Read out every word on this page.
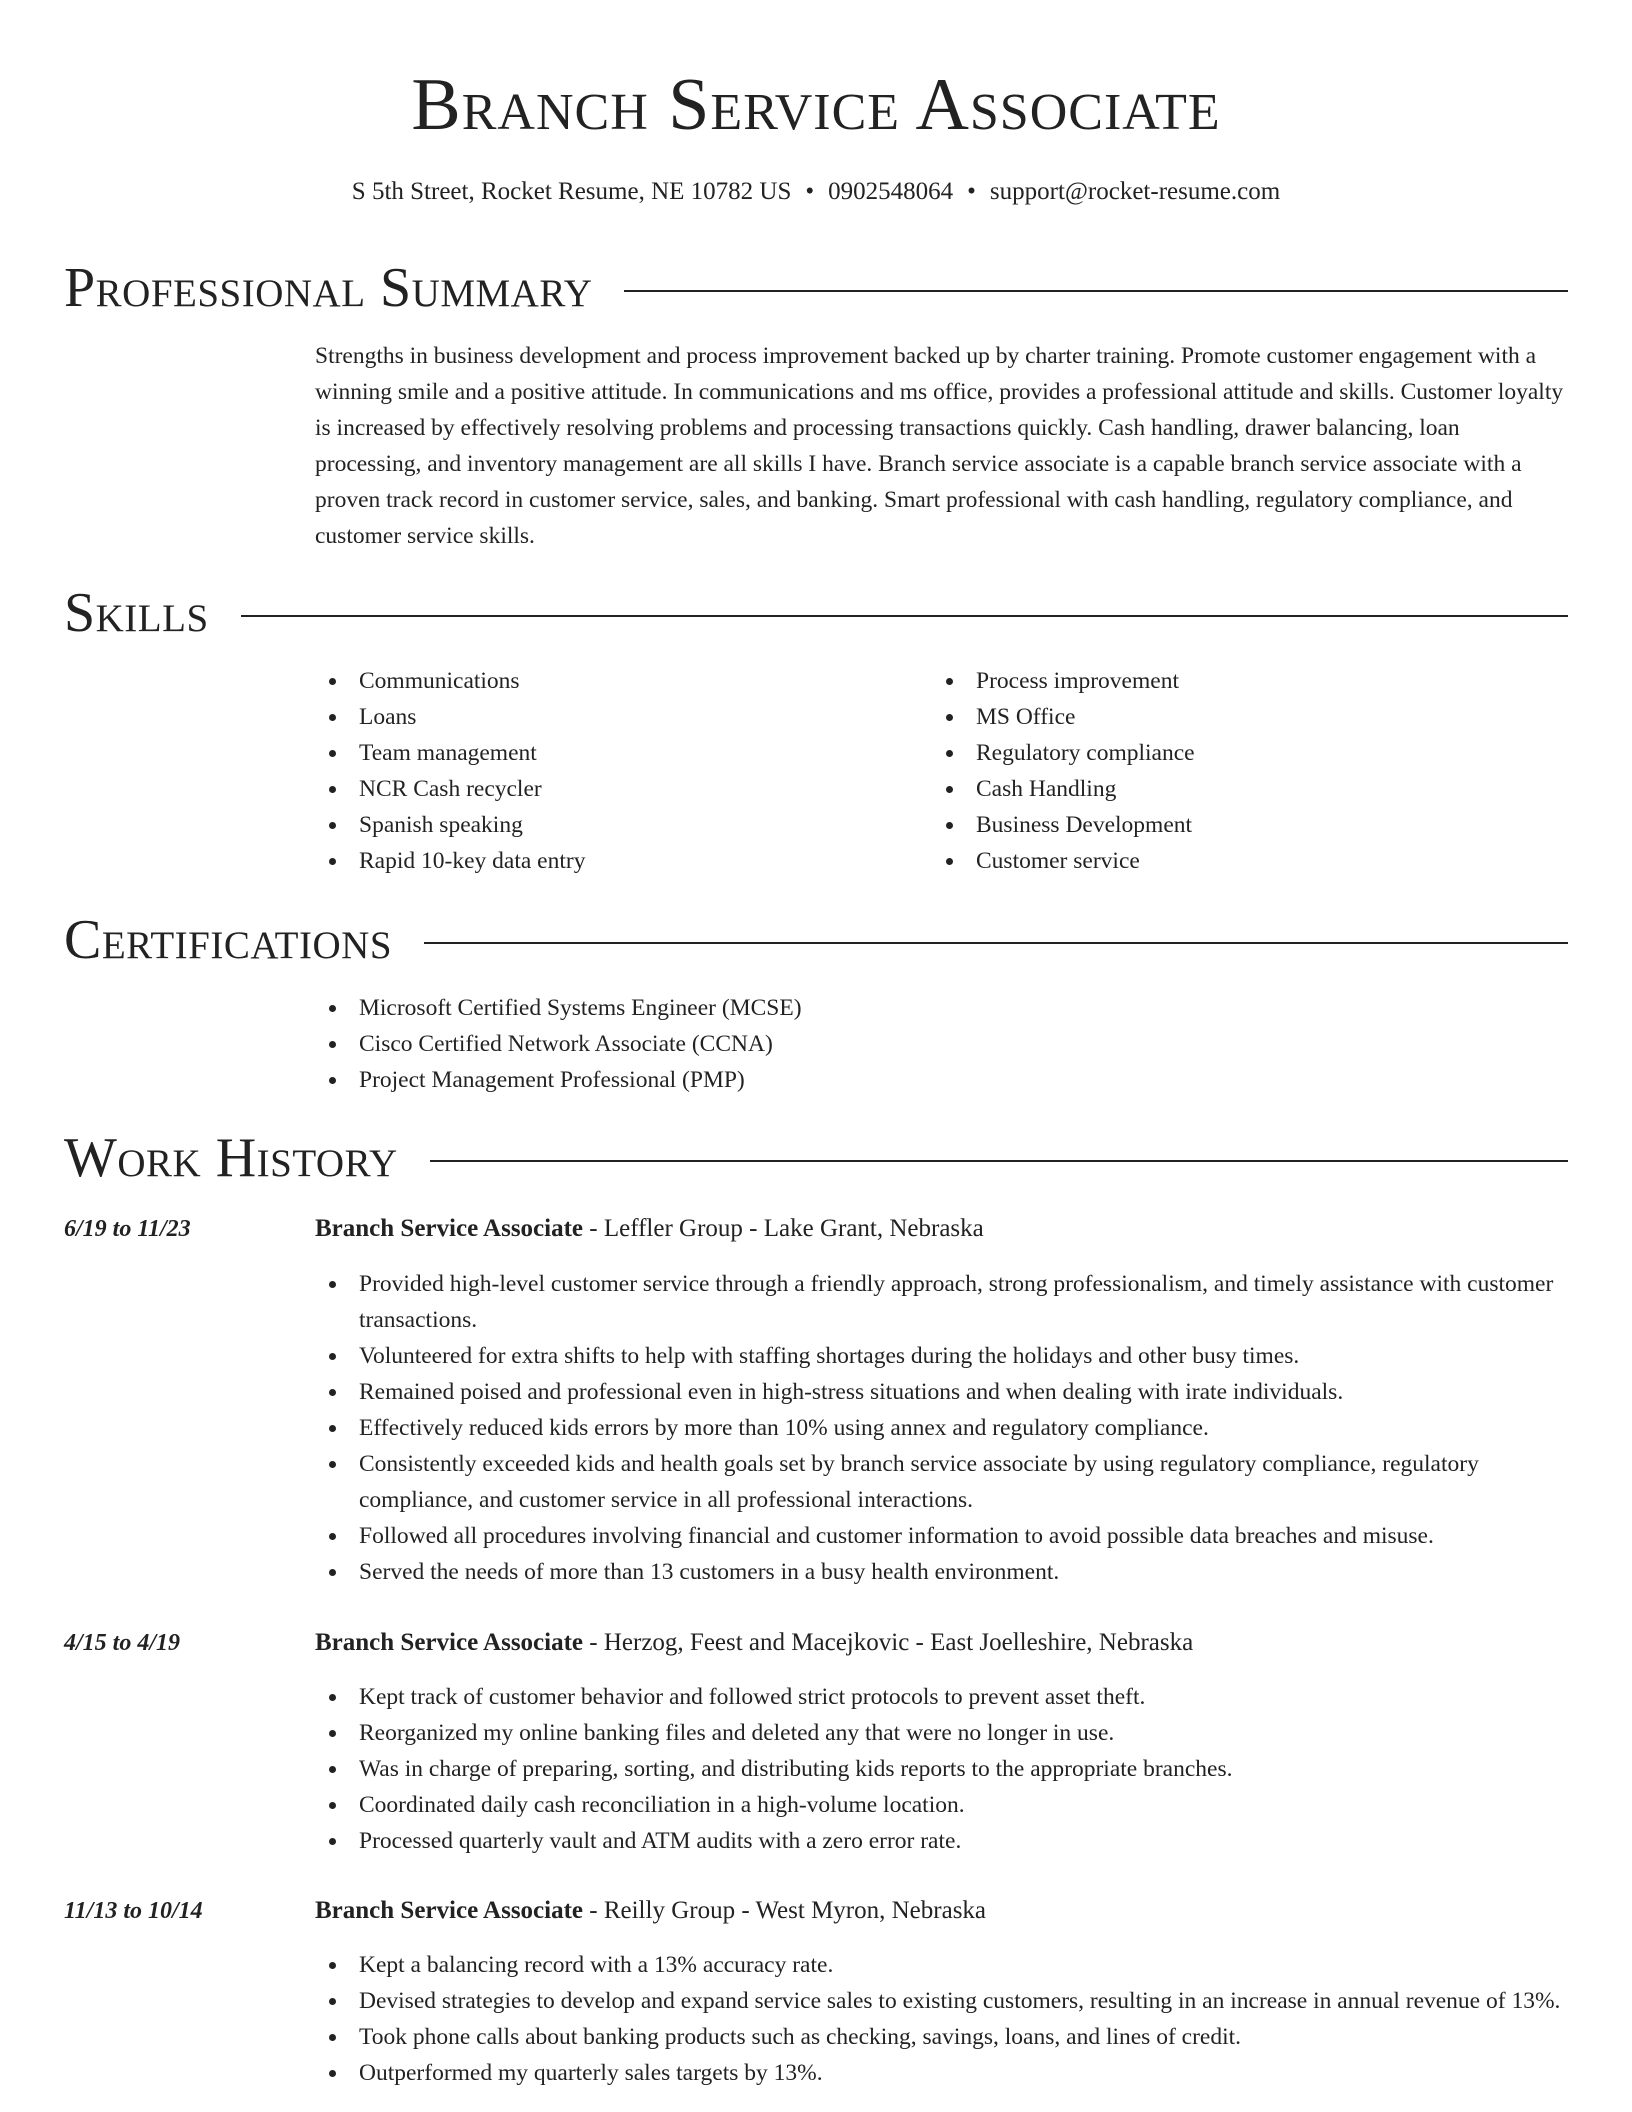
Branch Service Associate
S 5th Street, Rocket Resume, NE 10782 US • 0902548064 • support@rocket-resume.com
Professional Summary

Strengths in business development and process improvement backed up by charter training. Promote customer engagement with a winning smile and a positive attitude. In communications and ms office, provides a professional attitude and skills. Customer loyalty is increased by effectively resolving problems and processing transactions quickly. Cash handling, drawer balancing, loan processing, and inventory management are all skills I have. Branch service associate is a capable branch service associate with a proven track record in customer service, sales, and banking. Smart professional with cash handling, regulatory compliance, and customer service skills.

Skills
Communications
Loans
Team management
NCR Cash recycler
Spanish speaking
Rapid 10-key data entry
Process improvement
MS Office
Regulatory compliance
Cash Handling
Business Development
Customer service
Certifications
Microsoft Certified Systems Engineer (MCSE)
Cisco Certified Network Associate (CCNA)
Project Management Professional (PMP)
Work History
6/19 to 11/23	Branch Service Associate - Leffler Group - Lake Grant, Nebraska
Provided high-level customer service through a friendly approach, strong professionalism, and timely assistance with customer transactions.
Volunteered for extra shifts to help with staffing shortages during the holidays and other busy times.
Remained poised and professional even in high-stress situations and when dealing with irate individuals.
Effectively reduced kids errors by more than 10% using annex and regulatory compliance.
Consistently exceeded kids and health goals set by branch service associate by using regulatory compliance, regulatory compliance, and customer service in all professional interactions.
Followed all procedures involving financial and customer information to avoid possible data breaches and misuse.
Served the needs of more than 13 customers in a busy health environment.
4/15 to 4/19	Branch Service Associate - Herzog, Feest and Macejkovic - East Joelleshire, Nebraska
Kept track of customer behavior and followed strict protocols to prevent asset theft.
Reorganized my online banking files and deleted any that were no longer in use.
Was in charge of preparing, sorting, and distributing kids reports to the appropriate branches.
Coordinated daily cash reconciliation in a high-volume location.
Processed quarterly vault and ATM audits with a zero error rate.
11/13 to 10/14	Branch Service Associate - Reilly Group - West Myron, Nebraska
Kept a balancing record with a 13% accuracy rate.
Devised strategies to develop and expand service sales to existing customers, resulting in an increase in annual revenue of 13%.
Took phone calls about banking products such as checking, savings, loans, and lines of credit.
Outperformed my quarterly sales targets by 13%.
